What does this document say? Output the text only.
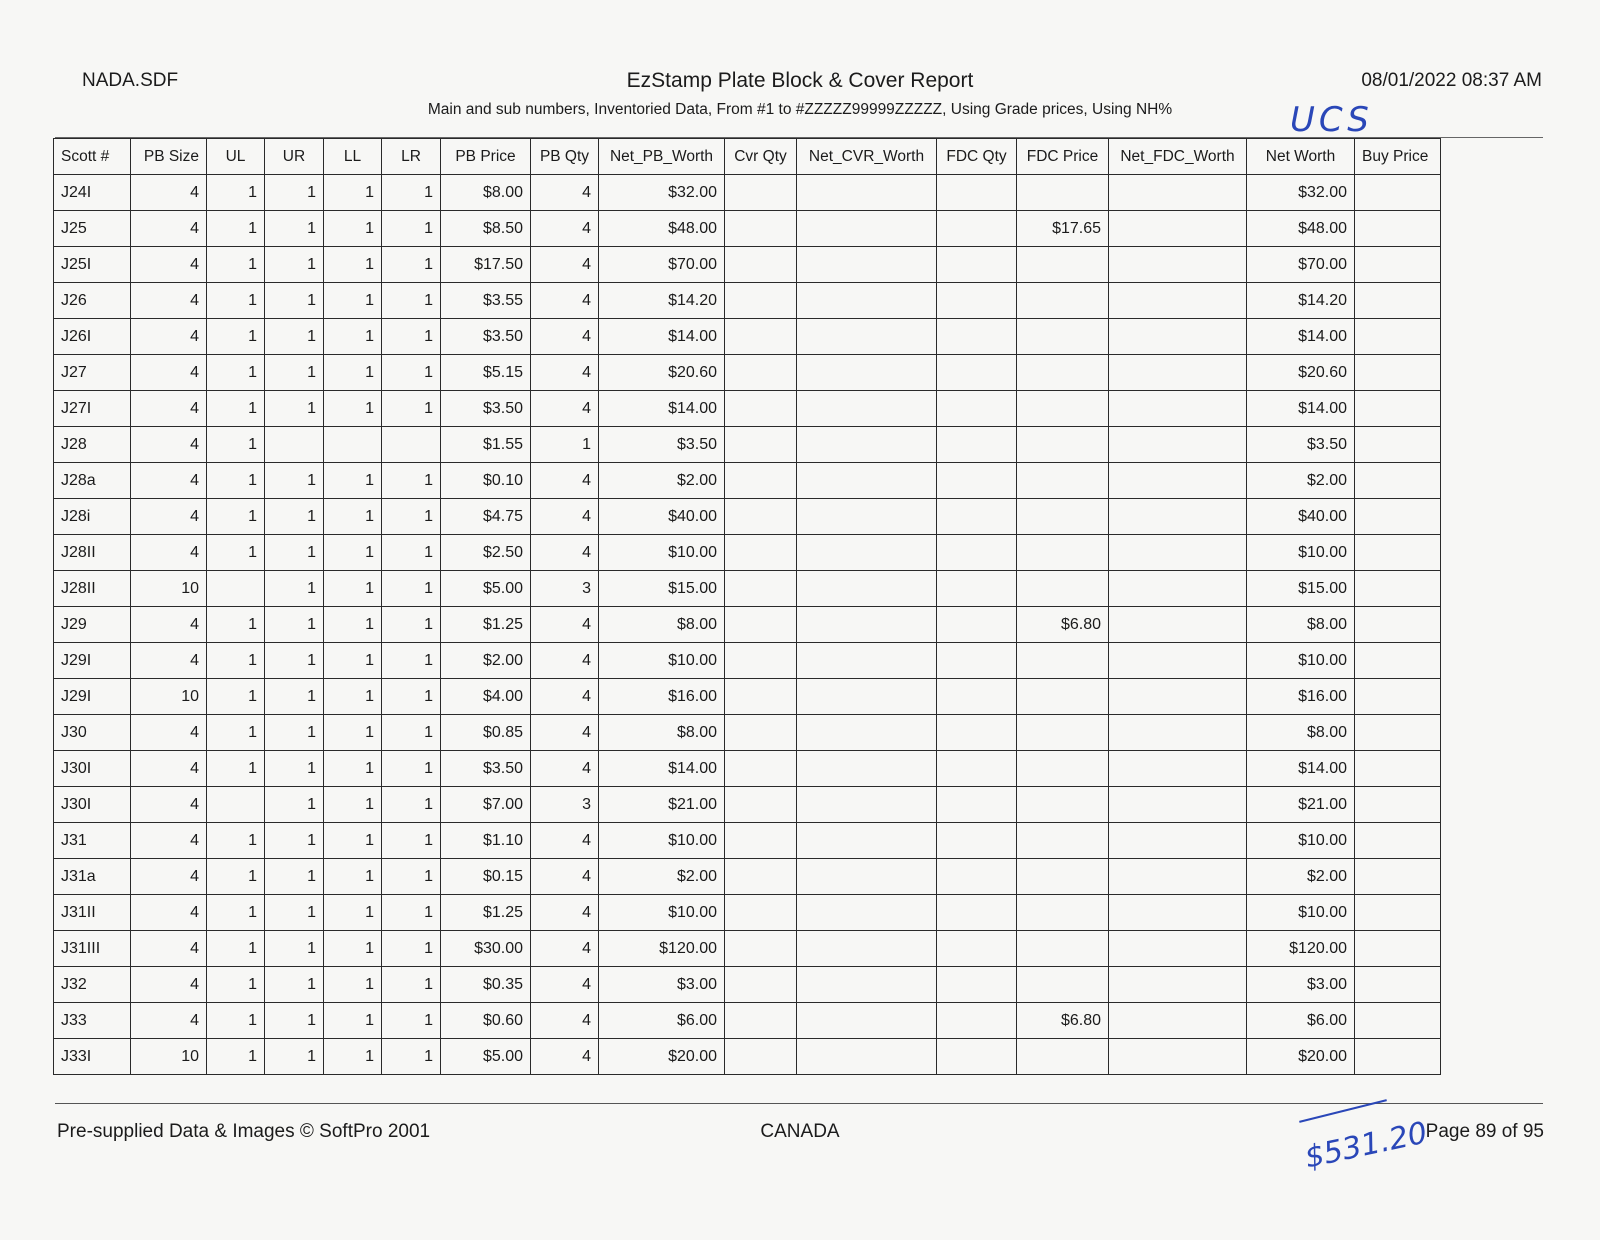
NADA.SDF	EzStamp Plate Block & Cover Report	08/01/2022 08:37 AM
Main and sub numbers, Inventoried Data, From #1 to #ZZZZZ99999ZZZZZ, Using Grade prices, Using NH%	UCS
Scott #	PB Size	UL	UR	LL	LR	PB Price	PB Qty	Net_PB_Worth	Cvr Qty	Net_CVR_Worth	FDC Qty	FDC Price	Net_FDC_Worth	Net Worth	Buy Price
J24I	4	1	1	1	1	$8.00	4	$32.00						$32.00	
J25	4	1	1	1	1	$8.50	4	$48.00				$17.65		$48.00	
J25I	4	1	1	1	1	$17.50	4	$70.00						$70.00	
J26	4	1	1	1	1	$3.55	4	$14.20						$14.20	
J26I	4	1	1	1	1	$3.50	4	$14.00						$14.00	
J27	4	1	1	1	1	$5.15	4	$20.60						$20.60	
J27I	4	1	1	1	1	$3.50	4	$14.00						$14.00	
J28	4	1				$1.55	1	$3.50						$3.50	
J28a	4	1	1	1	1	$0.10	4	$2.00						$2.00	
J28i	4	1	1	1	1	$4.75	4	$40.00						$40.00	
J28II	4	1	1	1	1	$2.50	4	$10.00						$10.00	
J28II	10		1	1	1	$5.00	3	$15.00						$15.00	
J29	4	1	1	1	1	$1.25	4	$8.00				$6.80		$8.00	
J29I	4	1	1	1	1	$2.00	4	$10.00						$10.00	
J29I	10	1	1	1	1	$4.00	4	$16.00						$16.00	
J30	4	1	1	1	1	$0.85	4	$8.00						$8.00	
J30I	4	1	1	1	1	$3.50	4	$14.00						$14.00	
J30I	4		1	1	1	$7.00	3	$21.00						$21.00	
J31	4	1	1	1	1	$1.10	4	$10.00						$10.00	
J31a	4	1	1	1	1	$0.15	4	$2.00						$2.00	
J31II	4	1	1	1	1	$1.25	4	$10.00						$10.00	
J31III	4	1	1	1	1	$30.00	4	$120.00						$120.00	
J32	4	1	1	1	1	$0.35	4	$3.00						$3.00	
J33	4	1	1	1	1	$0.60	4	$6.00				$6.80		$6.00	
J33I	10	1	1	1	1	$5.00	4	$20.00						$20.00	
Pre-supplied Data & Images © SoftPro 2001	CANADA	$531.20
Page 89 of 95
